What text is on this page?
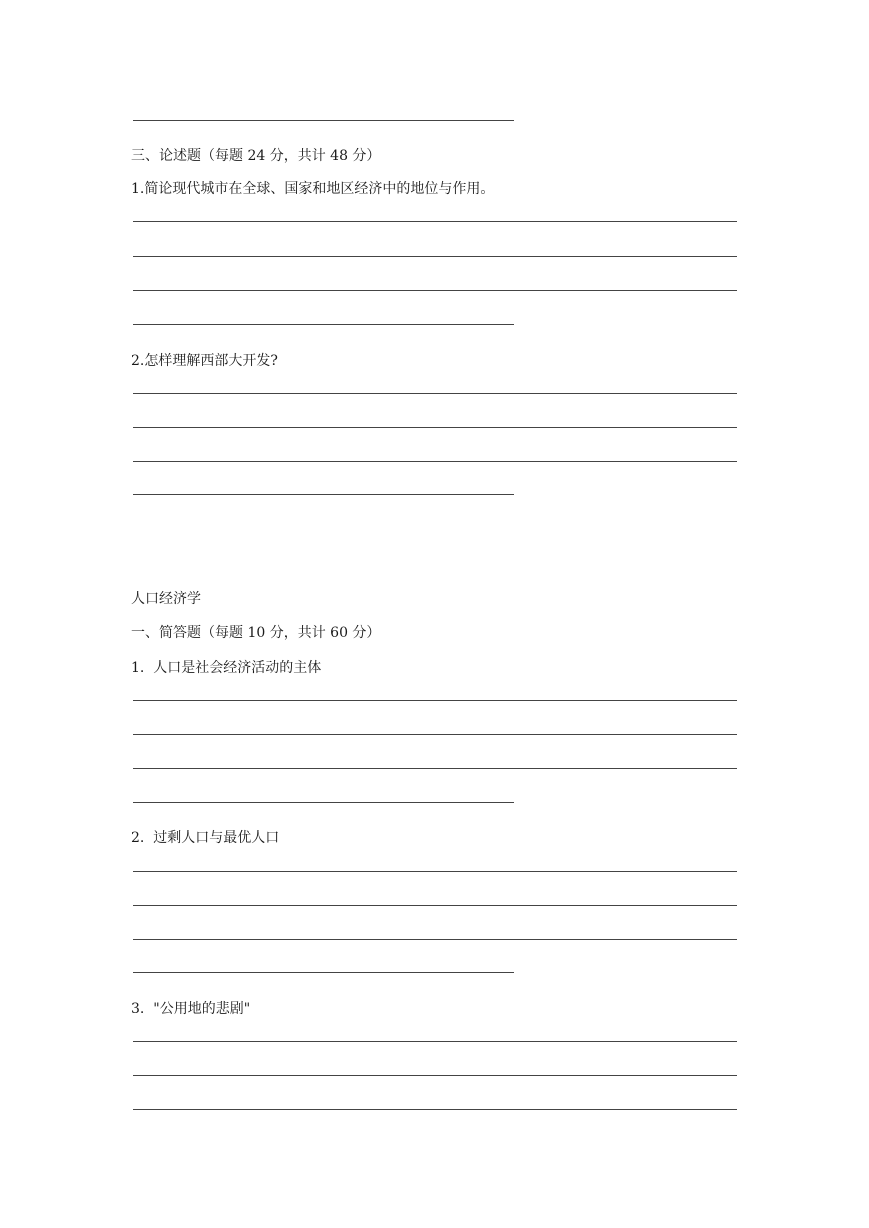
三、论述题（每题 24 分，共计 48 分）
1.简论现代城市在全球、国家和地区经济中的地位与作用。
2.怎样理解西部大开发?
人口经济学
一、简答题（每题 10 分，共计 60 分）
1.  人口是社会经济活动的主体
2.  过剩人口与最优人口
3.  "公用地的悲剧"
